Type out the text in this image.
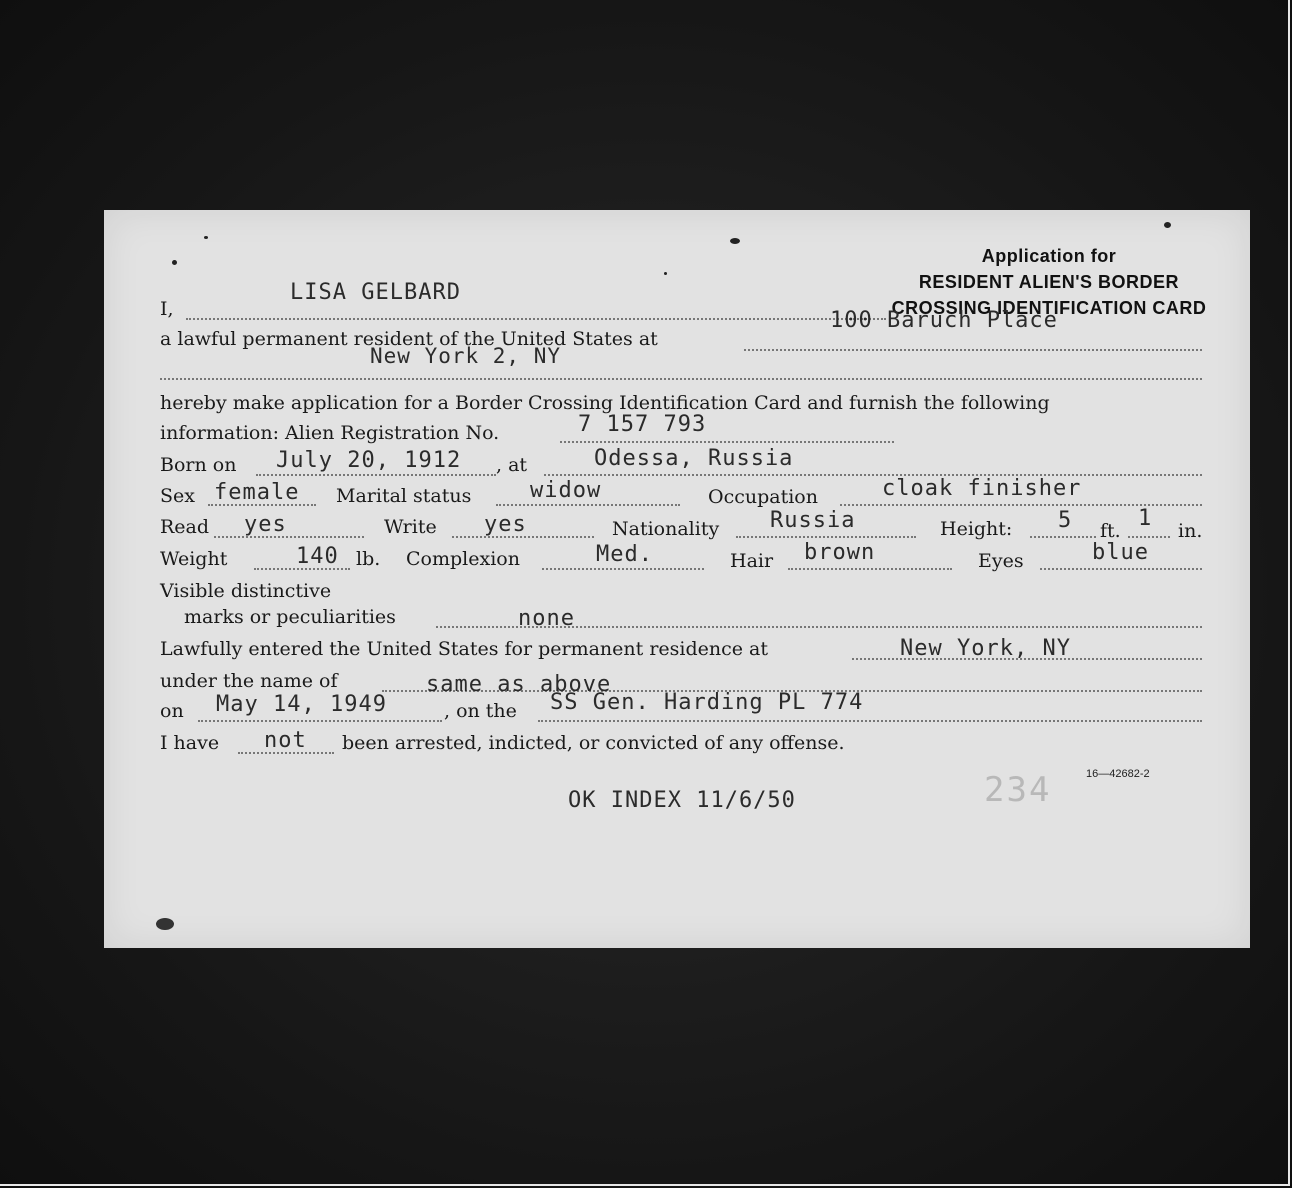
Application for
RESIDENT ALIEN'S BORDER
CROSSING IDENTIFICATION CARD
I,
LISA GELBARD
a lawful permanent resident of the United States at
100 Baruch Place
New York 2, NY
hereby make application for a Border Crossing Identification Card and furnish the following
information: Alien Registration No.	7 157 793
Born on July 20, 1912 , at	Odessa, Russia
Sex female Marital status	widow	Occupation	cloak finisher
Read yes	Write yes	Nationality Russia	Height: 5 ft. 1 in.
Weight	140 lb. Complexion	Med.	Hair brown	Eyes	blue
Visible distinctive
marks or peculiarities	none
Lawfully entered the United States for permanent residence at	New York, NY
under the name of	same as above
on May 14, 1949	, on the SS Gen. Harding PL 774
I have not been arrested, indicted, or convicted of any offense.
234	16—42682-2
OK INDEX 11/6/50
